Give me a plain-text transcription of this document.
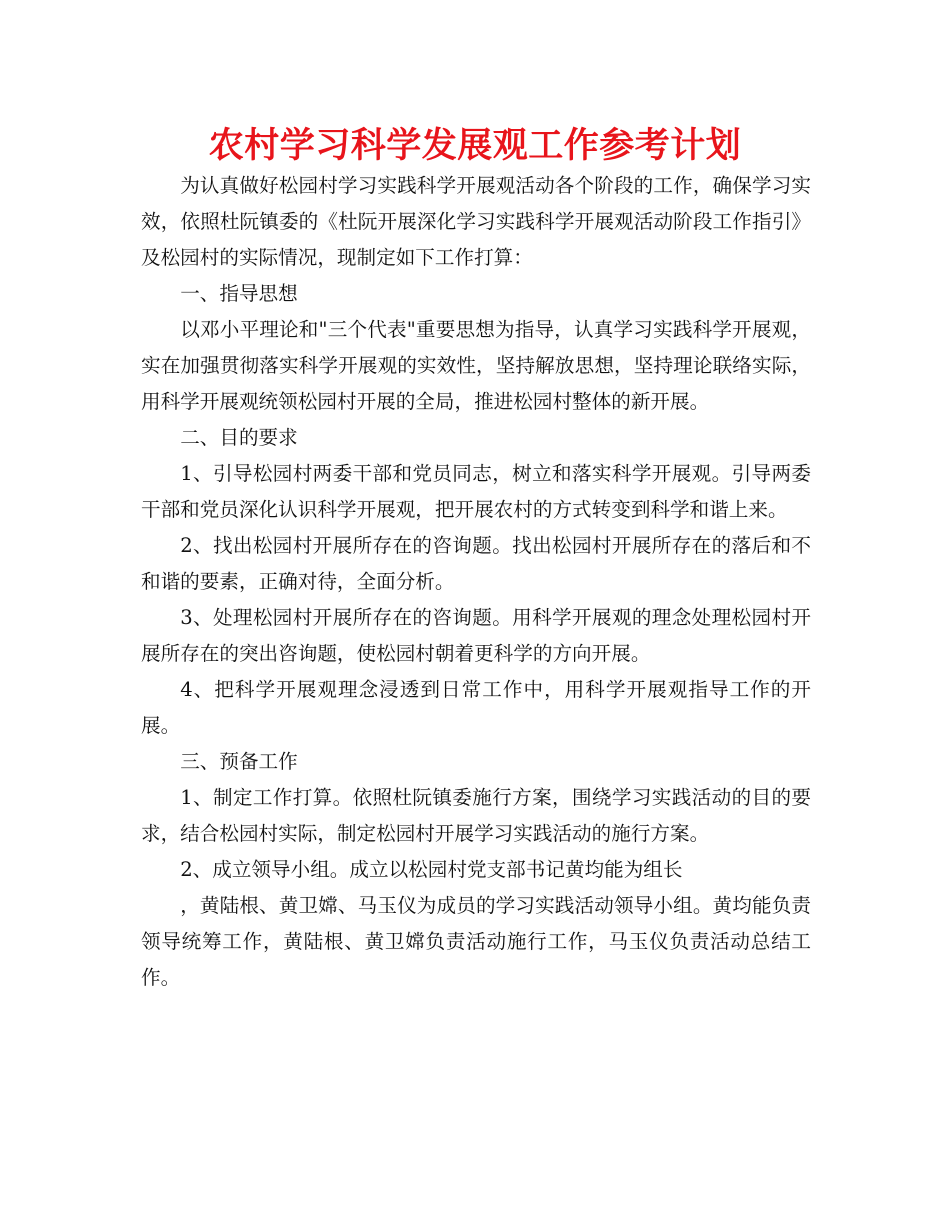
农村学习科学发展观工作参考计划

为认真做好松园村学习实践科学开展观活动各个阶段的工作，确保学习实效，依照杜阮镇委的《杜阮开展深化学习实践科学开展观活动阶段工作指引》及松园村的实际情况，现制定如下工作打算：

一、指导思想

以邓小平理论和"三个代表"重要思想为指导，认真学习实践科学开展观，实在加强贯彻落实科学开展观的实效性，坚持解放思想，坚持理论联络实际，用科学开展观统领松园村开展的全局，推进松园村整体的新开展。

二、目的要求

1、引导松园村两委干部和党员同志，树立和落实科学开展观。引导两委干部和党员深化认识科学开展观，把开展农村的方式转变到科学和谐上来。

2、找出松园村开展所存在的咨询题。找出松园村开展所存在的落后和不和谐的要素，正确对待，全面分析。

3、处理松园村开展所存在的咨询题。用科学开展观的理念处理松园村开展所存在的突出咨询题，使松园村朝着更科学的方向开展。

4、把科学开展观理念浸透到日常工作中，用科学开展观指导工作的开展。

三、预备工作

1、制定工作打算。依照杜阮镇委施行方案，围绕学习实践活动的目的要求，结合松园村实际，制定松园村开展学习实践活动的施行方案。

2、成立领导小组。成立以松园村党支部书记黄均能为组长

，黄陆根、黄卫嫦、马玉仪为成员的学习实践活动领导小组。黄均能负责领导统筹工作，黄陆根、黄卫嫦负责活动施行工作，马玉仪负责活动总结工作。
